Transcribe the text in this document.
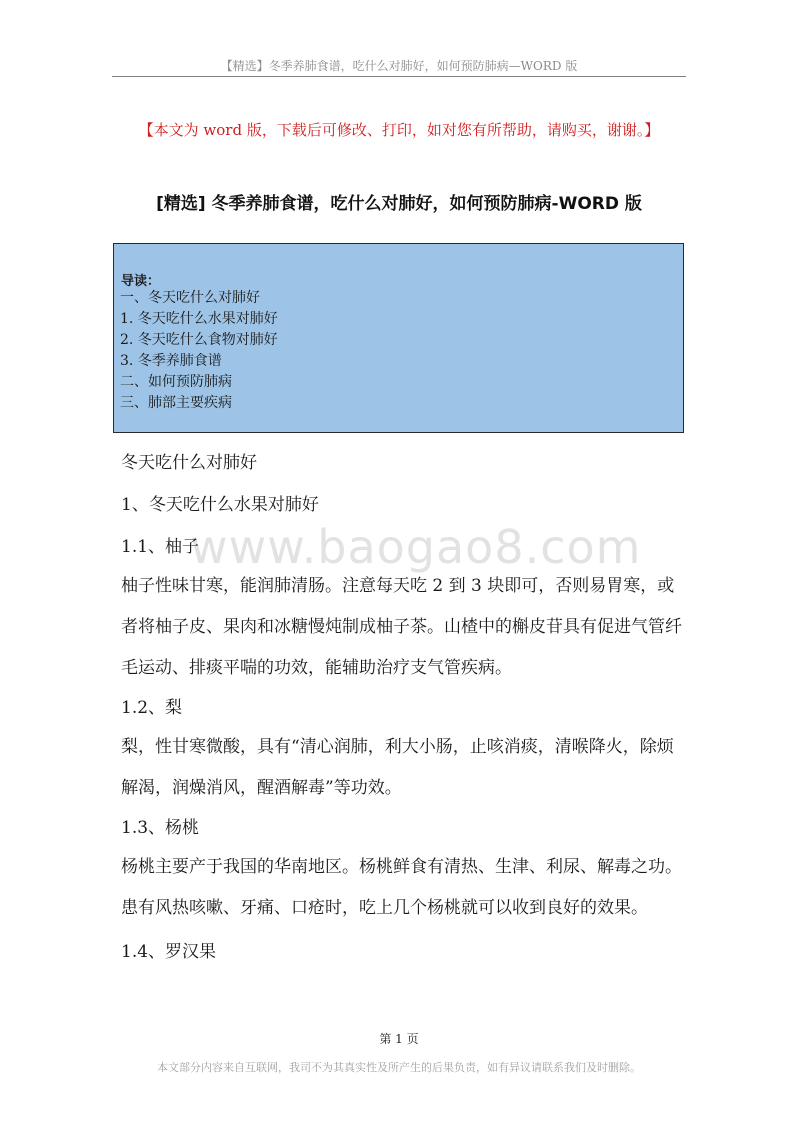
【精选】冬季养肺食谱，吃什么对肺好，如何预防肺病—WORD 版
【本文为 word 版，下载后可修改、打印，如对您有所帮助，请购买，谢谢。】
[精选] 冬季养肺食谱，吃什么对肺好，如何预防肺病-WORD 版
导读：
一、冬天吃什么对肺好
1. 冬天吃什么水果对肺好
2. 冬天吃什么食物对肺好
3. 冬季养肺食谱
二、如何预防肺病
三、肺部主要疾病
www.baogao8.com
冬天吃什么对肺好
1、冬天吃什么水果对肺好
1.1、柚子
柚子性味甘寒，能润肺清肠。注意每天吃 2 到 3 块即可，否则易胃寒，或者将柚子皮、果肉和冰糖慢炖制成柚子茶。山楂中的槲皮苷具有促进气管纤毛运动、排痰平喘的功效，能辅助治疗支气管疾病。
1.2、梨
梨，性甘寒微酸，具有“清心润肺，利大小肠，止咳消痰，清喉降火，除烦解渴，润燥消风，醒酒解毒”等功效。
1.3、杨桃
杨桃主要产于我国的华南地区。杨桃鲜食有清热、生津、利尿、解毒之功。患有风热咳嗽、牙痛、口疮时，吃上几个杨桃就可以收到良好的效果。
1.4、罗汉果
第 1 页
本文部分内容来自互联网，我司不为其真实性及所产生的后果负责，如有异议请联系我们及时删除。
